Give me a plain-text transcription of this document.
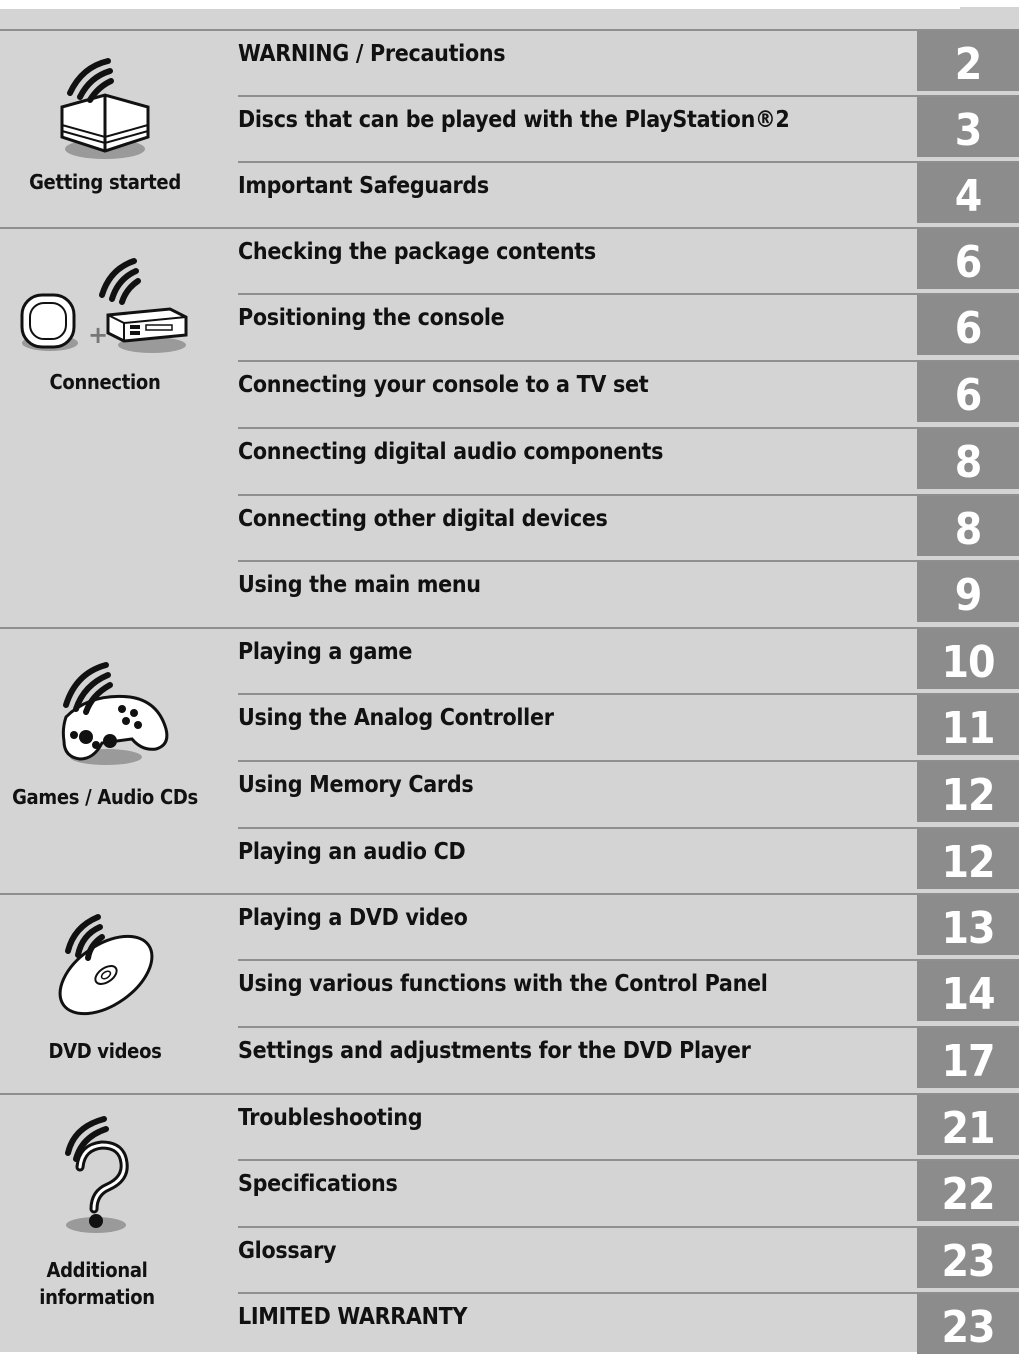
Getting started
WARNING / Precautions	2
Discs that can be played with the PlayStation®2	3
Important Safeguards	4
+
Connection
Checking the package contents	6
Positioning the console	6
Connecting your console to a TV set	6
Connecting digital audio components	8
Connecting other digital devices	8
Using the main menu	9
Games / Audio CDs
Playing a game	10
Using the Analog Controller	11
Using Memory Cards	12
Playing an audio CD	12
DVD videos
Playing a DVD video	13
Using various functions with the Control Panel	14
Settings and adjustments for the DVD Player	17
Additional
information
Troubleshooting	21
Specifications	22
Glossary	23
LIMITED WARRANTY	23
